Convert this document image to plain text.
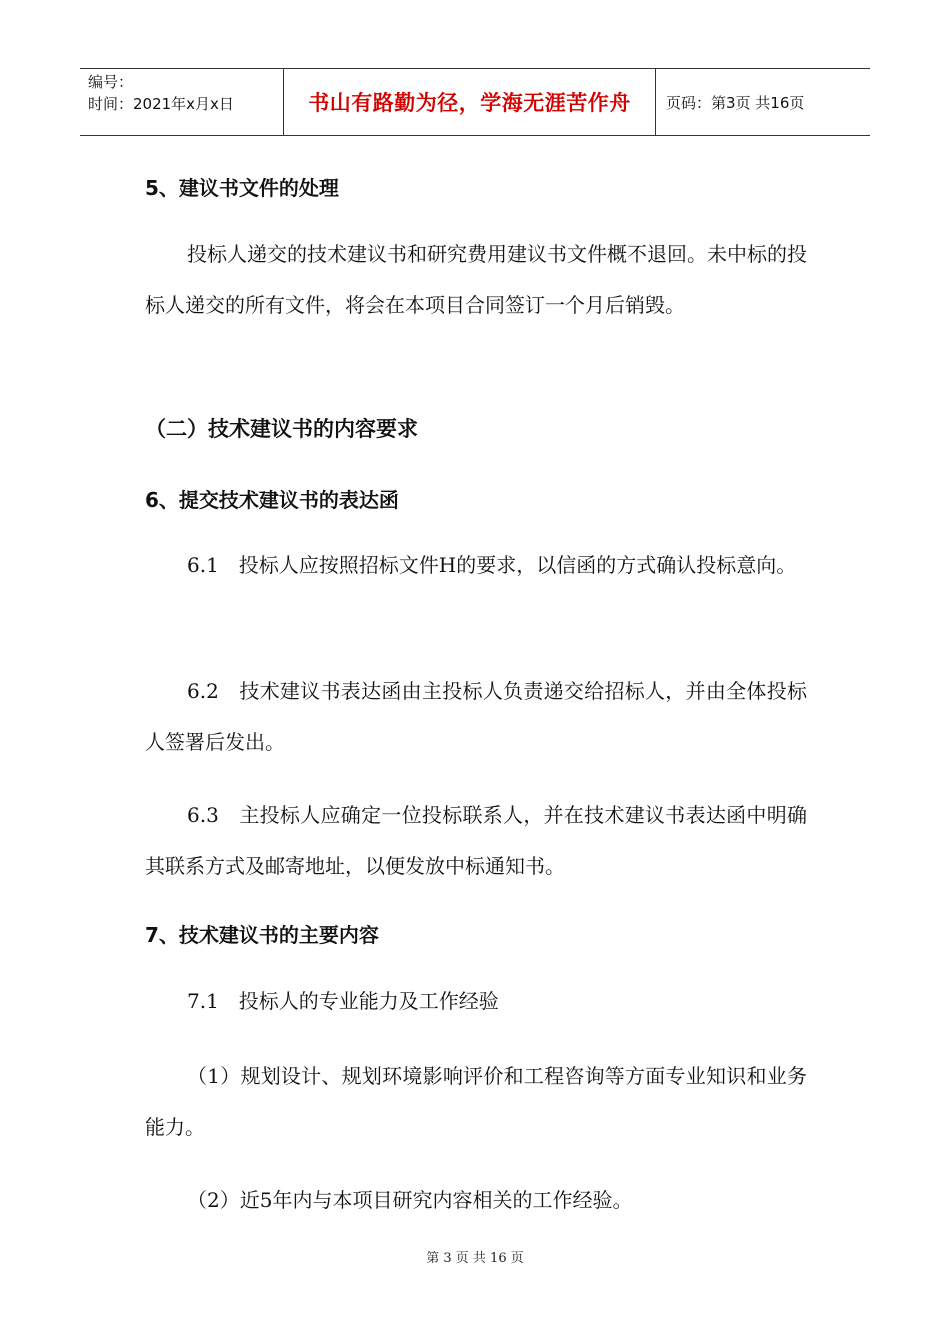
编号：
时间：2021年x月x日	书山有路勤为径，学海无涯苦作舟	页码：第3页 共16页
5、建议书文件的处理
投标人递交的技术建议书和研究费用建议书文件概不退回。未中标的投标人递交的所有文件，将会在本项目合同签订一个月后销毁。
（二）技术建议书的内容要求
6、提交技术建议书的表达函
6.1　投标人应按照招标文件H的要求，以信函的方式确认投标意向。
6.2　技术建议书表达函由主投标人负责递交给招标人，并由全体投标人签署后发出。
6.3　主投标人应确定一位投标联系人，并在技术建议书表达函中明确其联系方式及邮寄地址，以便发放中标通知书。
7、技术建议书的主要内容
7.1　投标人的专业能力及工作经验
（1）规划设计、规划环境影响评价和工程咨询等方面专业知识和业务能力。
（2）近5年内与本项目研究内容相关的工作经验。
第 3 页 共 16 页
